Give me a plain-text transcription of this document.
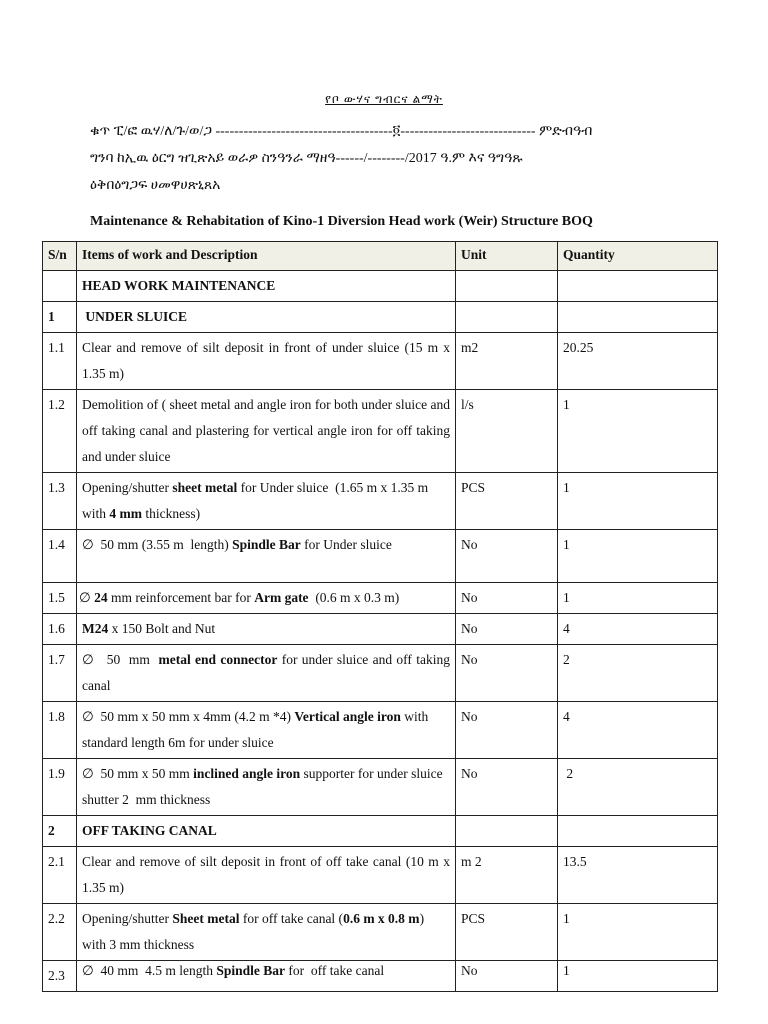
የቦ ውሃና ግብርና ልማት
ቁጥ ፒ/ፎ ዉሃ/ለ/ጉ/ወ/ጋ --------------------------------------፬----------------------------- ምድብዓብ
ግንባ ከኢዉ ዕርግ ዝጊጽአይ ወራዎ ስንዓንራ ማዘዓ------/--------/2017 ዓ.ም እና ዓግዓጹ
ዕቅበዕግጋፍ ሀመዋሀጽኒጸአ
Maintenance & Rehabitation of Kino-1 Diversion Head work (Weir) Structure BOQ
S/n	Items of work and Description	Unit	Quantity
	HEAD WORK MAINTENANCE		
1	UNDER SLUICE		
1.1	Clear and remove of silt deposit in front of under sluice (15 m x 1.35 m)	m2	20.25
1.2	Demolition of ( sheet metal and angle iron for both under sluice and off taking canal and plastering for vertical angle iron for off taking and under sluice	l/s	1
1.3	Opening/shutter sheet metal for Under sluice  (1.65 m x 1.35 m   with 4 mm thickness)	PCS	1
1.4	∅  50 mm (3.55 m  length) Spindle Bar for Under sluice	No	1
1.5	∅ 24 mm reinforcement bar for Arm gate  (0.6 m x 0.3 m)	No	1
1.6	M24 x 150 Bolt and Nut	No	4
1.7	∅   50  mm  metal end connector for under sluice and off taking canal	No	2
1.8	∅  50 mm x 50 mm x 4mm (4.2 m *4) Vertical angle iron with standard length 6m for under sluice	No	4
1.9	∅  50 mm x 50 mm inclined angle iron supporter for under sluice shutter 2  mm thickness	No	2
2	OFF TAKING CANAL		
2.1	Clear and remove of silt deposit in front of off take canal (10 m x 1.35 m)	m 2	13.5
2.2	Opening/shutter Sheet metal for off take canal (0.6 m x 0.8 m) with 3 mm thickness	PCS	1
2.3	∅  40 mm  4.5 m length Spindle Bar for  off take canal	No	1
